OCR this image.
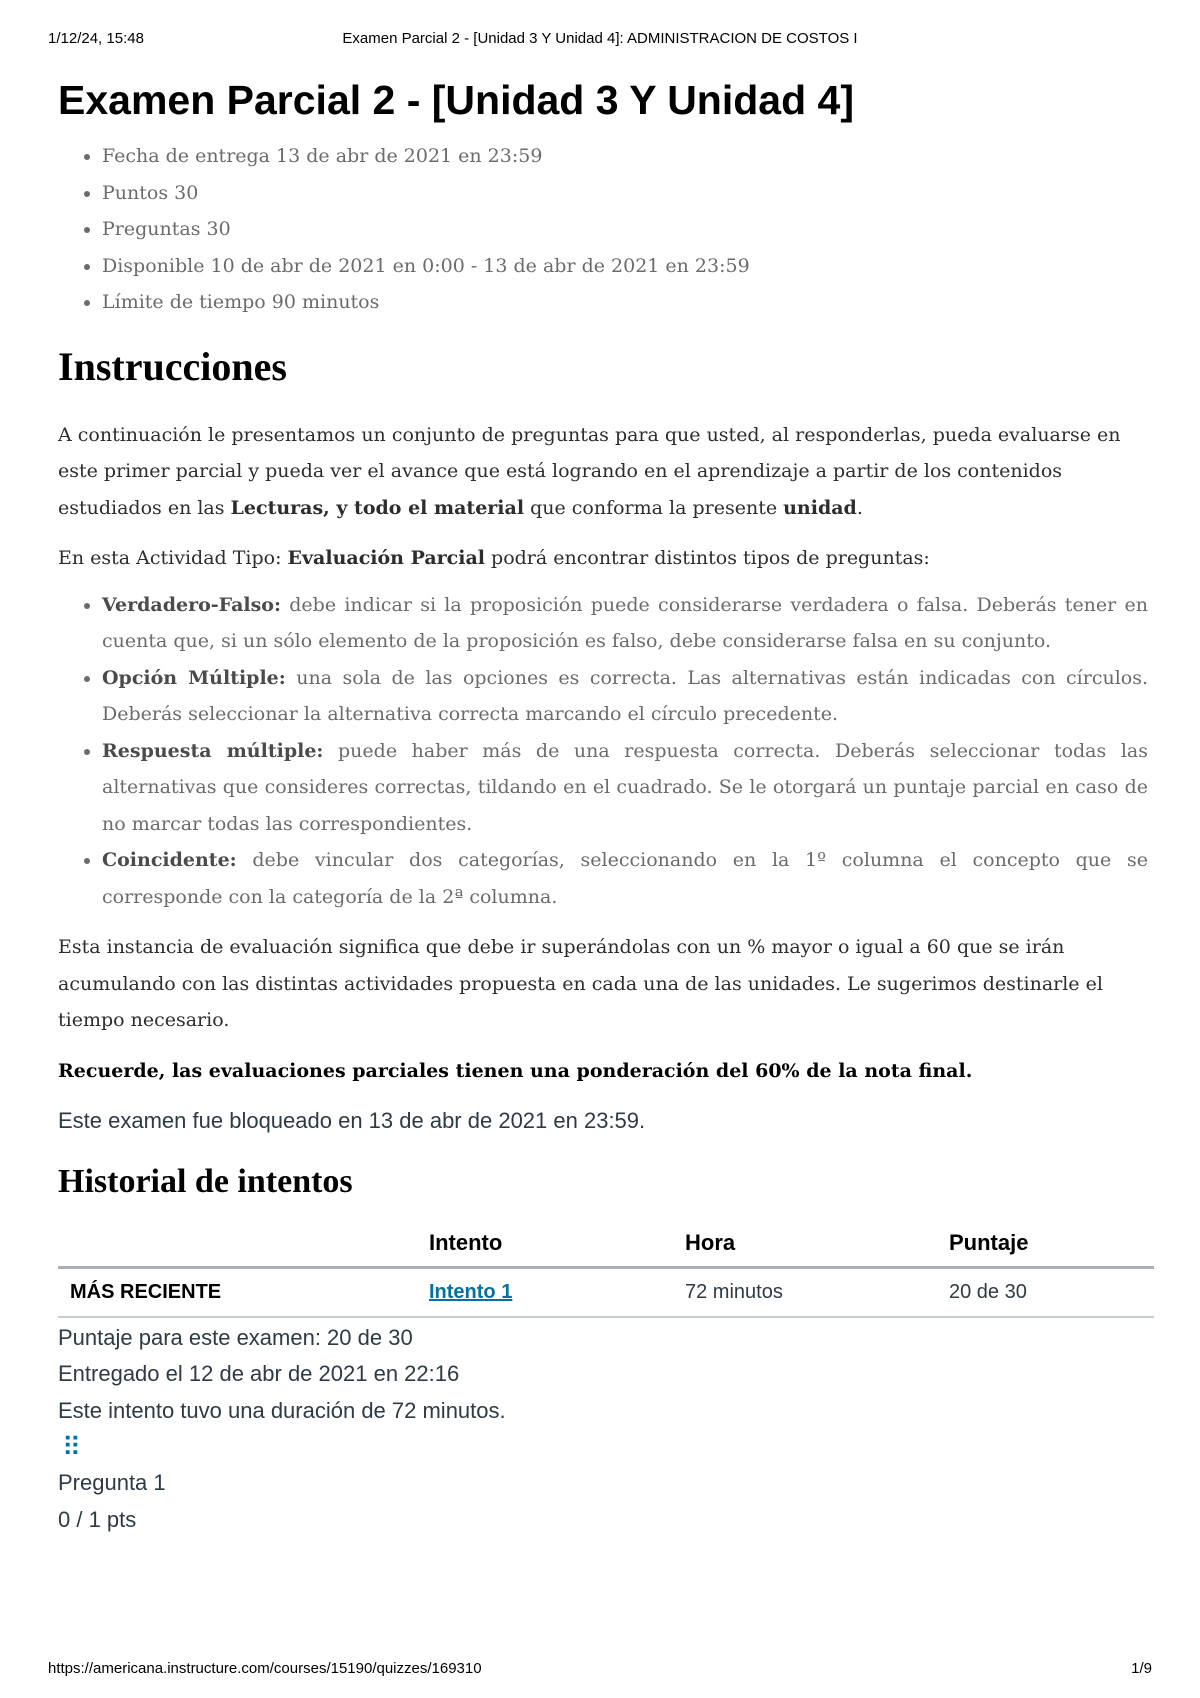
1/12/24, 15:48	Examen Parcial 2 - [Unidad 3 Y Unidad 4]: ADMINISTRACION DE COSTOS I
Examen Parcial 2 - [Unidad 3 Y Unidad 4]
• Fecha de entrega 13 de abr de 2021 en 23:59
• Puntos 30
• Preguntas 30
• Disponible 10 de abr de 2021 en 0:00 - 13 de abr de 2021 en 23:59
• Límite de tiempo 90 minutos
Instrucciones

A continuación le presentamos un conjunto de preguntas para que usted, al responderlas, pueda evaluarse en este primer parcial y pueda ver el avance que está logrando en el aprendizaje a partir de los contenidos estudiados en las Lecturas, y todo el material que conforma la presente unidad.

En esta Actividad Tipo: Evaluación Parcial podrá encontrar distintos tipos de preguntas:

• Verdadero-Falso: debe indicar si la proposición puede considerarse verdadera o falsa. Deberás tener en cuenta que, si un sólo elemento de la proposición es falso, debe considerarse falsa en su conjunto.
• Opción Múltiple: una sola de las opciones es correcta. Las alternativas están indicadas con círculos. Deberás seleccionar la alternativa correcta marcando el círculo precedente.
• Respuesta múltiple: puede haber más de una respuesta correcta. Deberás seleccionar todas las alternativas que consideres correctas, tildando en el cuadrado. Se le otorgará un puntaje parcial en caso de no marcar todas las correspondientes.
• Coincidente: debe vincular dos categorías, seleccionando en la 1º columna el concepto que se corresponde con la categoría de la 2ª columna.

Esta instancia de evaluación significa que debe ir superándolas con un % mayor o igual a 60 que se irán acumulando con las distintas actividades propuesta en cada una de las unidades. Le sugerimos destinarle el tiempo necesario.

Recuerde, las evaluaciones parciales tienen una ponderación del 60% de la nota final.

Este examen fue bloqueado en 13 de abr de 2021 en 23:59.
Historial de intentos
	Intento	Hora	Puntaje
MÁS RECIENTE	Intento 1	72 minutos	20 de 30
Puntaje para este examen: 20 de 30
Entregado el 12 de abr de 2021 en 22:16
Este intento tuvo una duración de 72 minutos.
⠿
Pregunta 1
0 / 1 pts
https://americana.instructure.com/courses/15190/quizzes/169310	1/9
